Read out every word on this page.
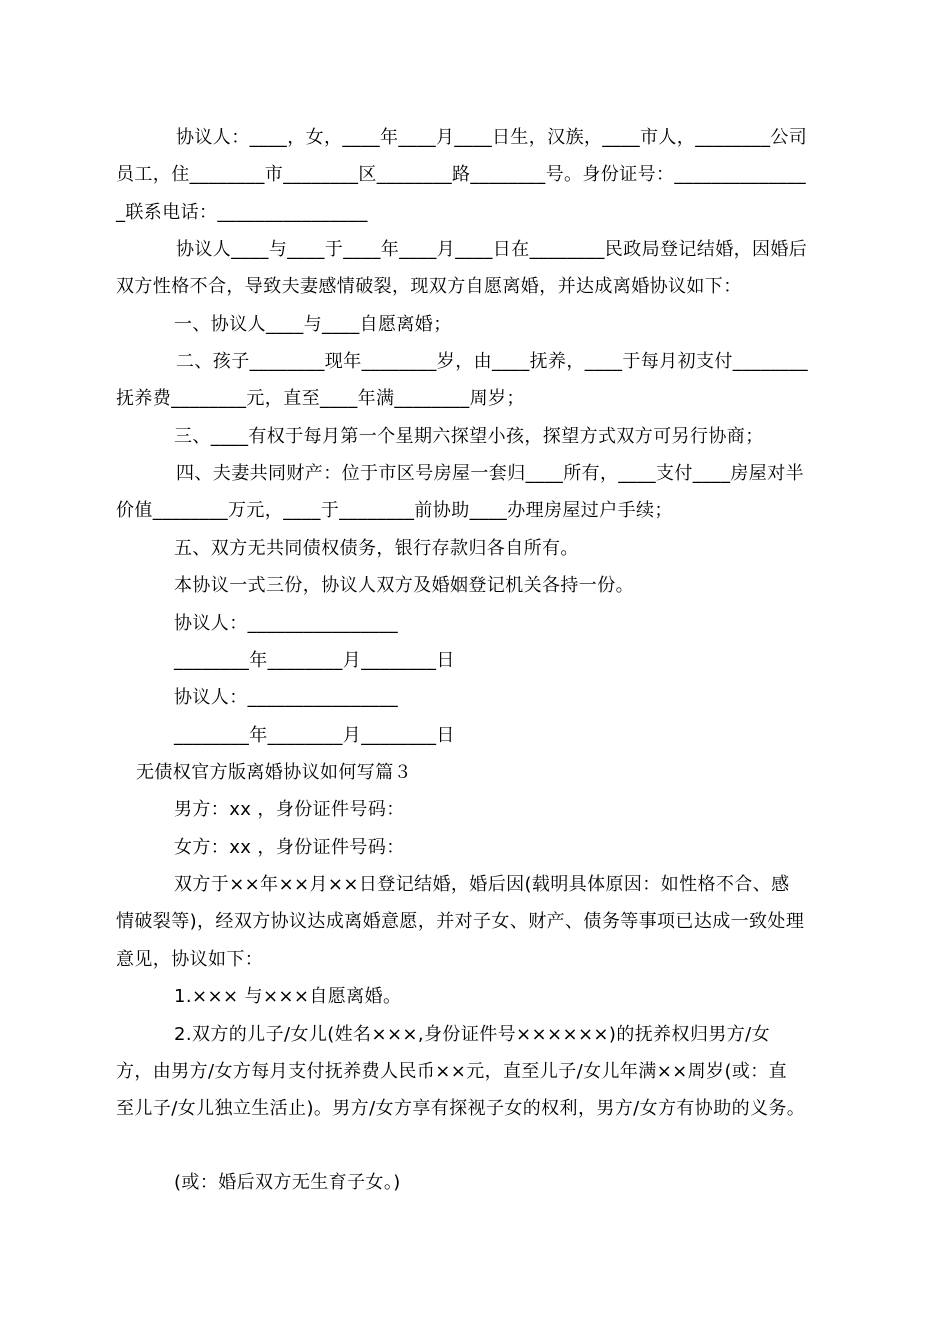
协议人：____，女，____年____月____日生，汉族，____市人，________公司
员工，住________市________区________路________号。身份证号：______________
_联系电话：________________
协议人____与____于____年____月____日在________民政局登记结婚，因婚后
双方性格不合，导致夫妻感情破裂，现双方自愿离婚，并达成离婚协议如下：
一、协议人____与____自愿离婚；
二、孩子________现年________岁，由____抚养，____于每月初支付________
抚养费________元，直至____年满________周岁；
三、____有权于每月第一个星期六探望小孩，探望方式双方可另行协商；
四、夫妻共同财产：位于市区号房屋一套归____所有，____支付____房屋对半
价值________万元，____于________前协助____办理房屋过户手续；
五、双方无共同债权债务，银行存款归各自所有。
本协议一式三份，协议人双方及婚姻登记机关各持一份。
协议人：________________
________年________月________日
协议人：________________
________年________月________日
无债权官方版离婚协议如何写篇３
男方：xx ，身份证件号码：
女方：xx ，身份证件号码：
双方于××年××月××日登记结婚，婚后因(载明具体原因：如性格不合、感
情破裂等)，经双方协议达成离婚意愿，并对子女、财产、债务等事项已达成一致处理
意见，协议如下：
1.××× 与×××自愿离婚。
2.双方的儿子/女儿(姓名×××,身份证件号××××××)的抚养权归男方/女
方，由男方/女方每月支付抚养费人民币××元，直至儿子/女儿年满××周岁(或：直
至儿子/女儿独立生活止)。男方/女方享有探视子女的权利，男方/女方有协助的义务。
(或：婚后双方无生育子女。)
